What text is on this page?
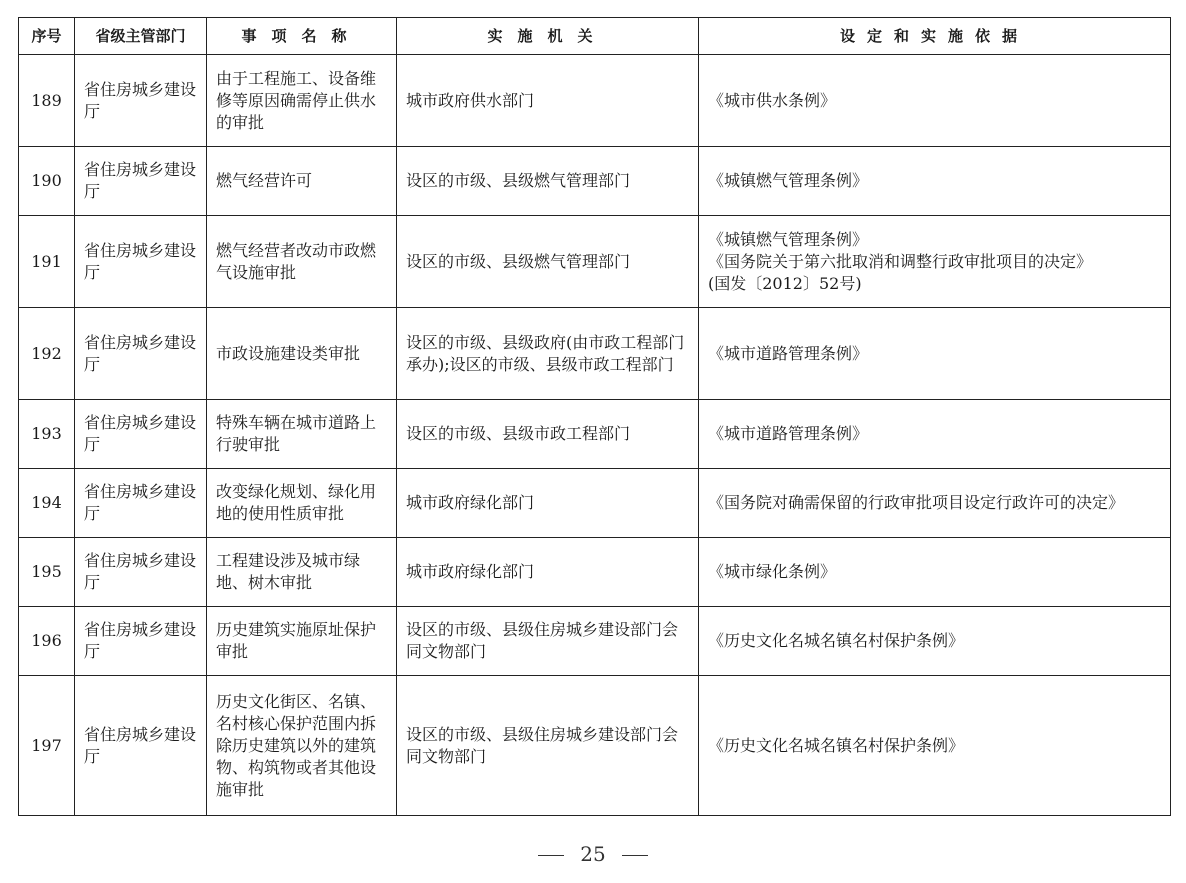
序号	省级主管部门	事项名称	实施机关	设定和实施依据
189	省住房城乡建设厅	由于工程施工、设备维修等原因确需停止供水的审批	城市政府供水部门	《城市供水条例》

190	省住房城乡建设厅	燃气经营许可	设区的市级、县级燃气管理部门	《城镇燃气管理条例》

191	省住房城乡建设厅	燃气经营者改动市政燃气设施审批	设区的市级、县级燃气管理部门	《城镇燃气管理条例》
《国务院关于第六批取消和调整行政审批项目的决定》
(国发〔2012〕52号)

192	省住房城乡建设厅	市政设施建设类审批	设区的市级、县级政府(由市政工程部门承办);设区的市级、县级市政工程部门	《城市道路管理条例》

193	省住房城乡建设厅	特殊车辆在城市道路上行驶审批	设区的市级、县级市政工程部门	《城市道路管理条例》

194	省住房城乡建设厅	改变绿化规划、绿化用地的使用性质审批	城市政府绿化部门	《国务院对确需保留的行政审批项目设定行政许可的决定》

195	省住房城乡建设厅	工程建设涉及城市绿地、树木审批	城市政府绿化部门	《城市绿化条例》

196	省住房城乡建设厅	历史建筑实施原址保护审批	设区的市级、县级住房城乡建设部门会同文物部门	《历史文化名城名镇名村保护条例》

197	省住房城乡建设厅	历史文化街区、名镇、名村核心保护范围内拆除历史建筑以外的建筑物、构筑物或者其他设施审批	设区的市级、县级住房城乡建设部门会同文物部门	《历史文化名城名镇名村保护条例》
25
